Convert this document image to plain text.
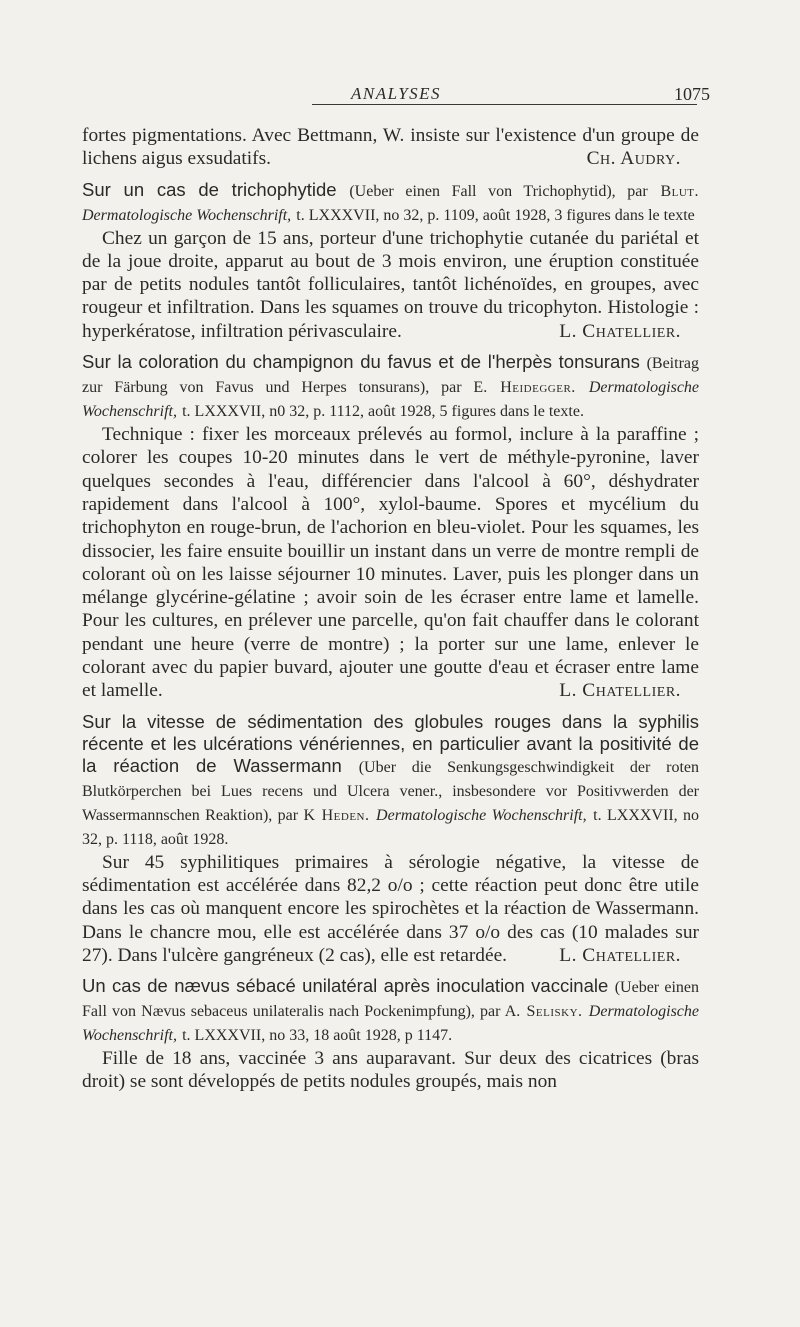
ANALYSES	1075

fortes pigmentations. Avec Bettmann, W. insiste sur l'existence d'un groupe de lichens aigus exsudatifs.	Ch. Audry.

Sur un cas de trichophytide (Ueber einen Fall von Trichophytid), par Blut. Dermatologische Wochenschrift, t. LXXXVII, no 32, p. 1109, août 1928, 3 figures dans le texte

Chez un garçon de 15 ans, porteur d'une trichophytie cutanée du pariétal et de la joue droite, apparut au bout de 3 mois environ, une éruption constituée par de petits nodules tantôt folliculaires, tantôt lichénoïdes, en groupes, avec rougeur et infiltration. Dans les squames on trouve du tricophyton. Histologie : hyperkératose, infiltration périvasculaire.	L. Chatellier.

Sur la coloration du champignon du favus et de l'herpès tonsurans (Beitrag zur Färbung von Favus und Herpes tonsurans), par E. Heidegger. Dermatologische Wochenschrift, t. LXXXVII, n0 32, p. 1112, août 1928, 5 figures dans le texte.

Technique : fixer les morceaux prélevés au formol, inclure à la paraffine ; colorer les coupes 10-20 minutes dans le vert de méthyle-pyronine, laver quelques secondes à l'eau, différencier dans l'alcool à 60°, déshydrater rapidement dans l'alcool à 100°, xylol-baume. Spores et mycélium du trichophyton en rouge-brun, de l'achorion en bleu-violet. Pour les squames, les dissocier, les faire ensuite bouillir un instant dans un verre de montre rempli de colorant où on les laisse séjourner 10 minutes. Laver, puis les plonger dans un mélange glycérine-gélatine ; avoir soin de les écraser entre lame et lamelle. Pour les cultures, en prélever une parcelle, qu'on fait chauffer dans le colorant pendant une heure (verre de montre) ; la porter sur une lame, enlever le colorant avec du papier buvard, ajouter une goutte d'eau et écraser entre lame et lamelle.	L. Chatellier.

Sur la vitesse de sédimentation des globules rouges dans la syphilis récente et les ulcérations vénériennes, en particulier avant la positivité de la réaction de Wassermann (Uber die Senkungsgeschwindigkeit der roten Blutkörperchen bei Lues recens und Ulcera vener., insbesondere vor Positivwerden der Wassermannschen Reaktion), par K Heden. Dermatologische Wochenschrift, t. LXXXVII, no 32, p. 1118, août 1928.

Sur 45 syphilitiques primaires à sérologie négative, la vitesse de sédimentation est accélérée dans 82,2 o/o ; cette réaction peut donc être utile dans les cas où manquent encore les spirochètes et la réaction de Wassermann. Dans le chancre mou, elle est accélérée dans 37 o/o des cas (10 malades sur 27). Dans l'ulcère gangréneux (2 cas), elle est retardée.	L. Chatellier.

Un cas de nævus sébacé unilatéral après inoculation vaccinale (Ueber einen Fall von Nævus sebaceus unilateralis nach Pockenimpfung), par A. Selisky. Dermatologische Wochenschrift, t. LXXXVII, no 33, 18 août 1928, p 1147.

Fille de 18 ans, vaccinée 3 ans auparavant. Sur deux des cicatrices (bras droit) se sont développés de petits nodules groupés, mais non
